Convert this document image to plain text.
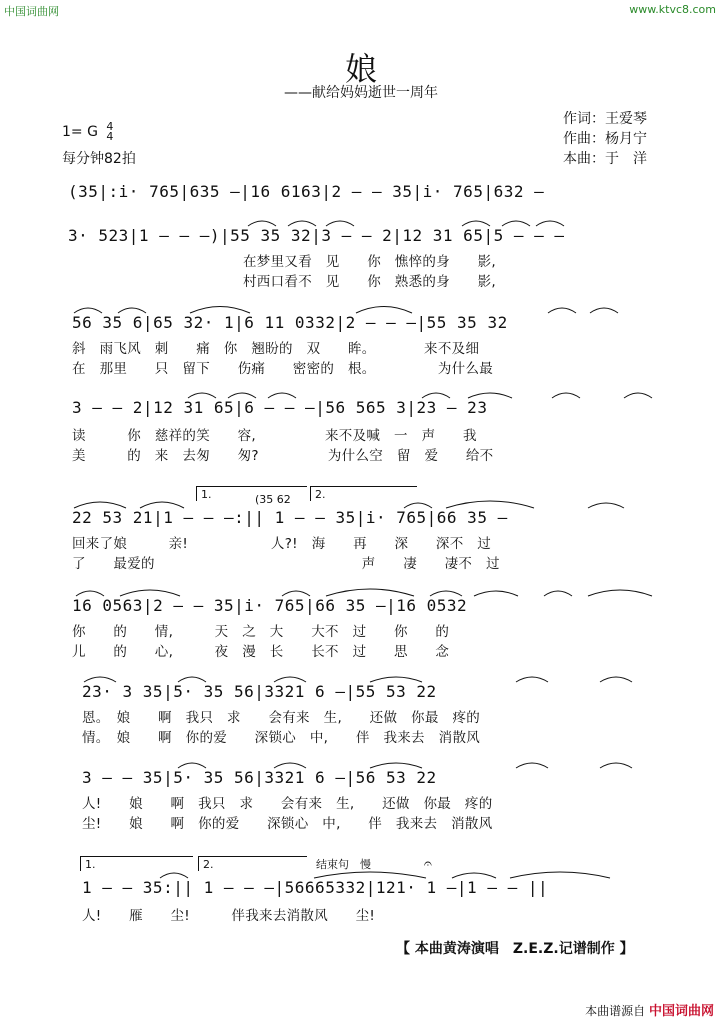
中国词曲网	www.ktvc8.com
娘
——献给妈妈逝世一周年
1= G 4
4
每分钟82拍
作词：王爱琴
作曲：杨月宁
本曲：于　洋
(35|:i· 765|635 —|16 6163|2 — — 35|i· 765|632 —
3· 523|1 — — —)|55 35 32|3 — — 2|12 31 65|5 — — —
在梦里又看　见　　你　憔悴的身　　影,
村西口看不　见　　你　熟悉的身　　影,
56 35 6|65 32· 1|6 11 0332|2 — — —|55 35 32
斜　雨飞风　刺　　痛　你　翘盼的　双　　眸。　　　　来不及细
在　那里　　只　留下　　伤痛　　密密的　根。　　　　　为什么最
3 — — 2|12 31 65|6 — — —|56 565 3|23 — 23
读　　　你　慈祥的笑　　容,　　　　　来不及喊　一　声　　我
美　　　的　来　去匆　　匆?　　　　　为什么空　留　爱　　给不
1.	(35 62 2.
22 53 21|1 — — —:|| 1 — — 35|i· 765|66 35 —
回来了娘　　　亲!　　　　　　人?!　海　　再　　深　　深不　过
了　　最爱的　　　　　　　　　　　　　　　声　　凄　　凄不　过
16 0563|2 — — 35|i· 765|66 35 —|16 0532
你　　的　　情,　　　天　之　大　　大不　过　　你　　的
儿　　的　　心,　　　夜　漫　长　　长不　过　　思　　念
23· 3 35|5· 35 56|3321 6 —|55 53 22
恩。　娘　　啊　我只　求　　会有来　生,　　还做　你最　疼的
情。　娘　　啊　你的爱　　深锁心　中,　　伴　我来去　消散风
3 — — 35|5· 35 56|3321 6 —|56 53 22
人!　　娘　　啊　我只　求　　会有来　生,　　还做　你最　疼的
尘!　　娘　　啊　你的爱　　深锁心　中,　　伴　我来去　消散风
1.	2.	结束句　慢	𝄐
1 — — 35:|| 1 — — —|56665332|121· 1 —|1 — — ||
人!　　雁　　尘!　　　伴我来去消散风　　尘!
【 本曲黄涛演唱　Z.E.Z.记谱制作 】
本曲谱源自 中国词曲网
